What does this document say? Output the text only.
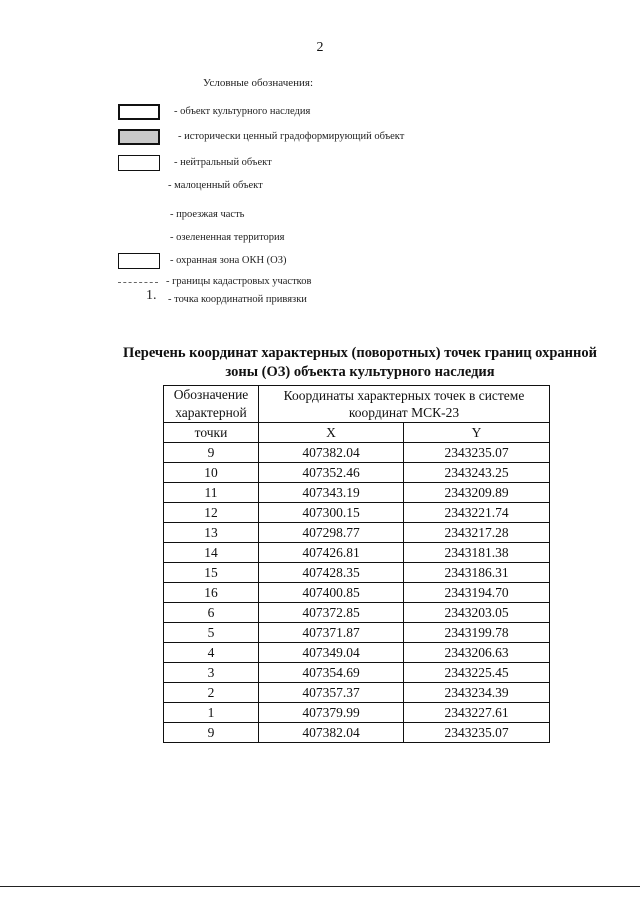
2
Условные обозначения:
- объект культурного наследия
- исторически ценный градоформирующий объект
- нейтральный объект
- малоценный объект
- проезжая часть
- озелененная территория
- охранная зона ОКН (ОЗ)
- границы кадастровых участков
1. - точка координатной привязки
Перечень координат характерных (поворотных) точек границ охранной
зоны (ОЗ) объекта культурного наследия
Обозначение
характерной	Координаты характерных точек в системе координат МСК-23	

точки	X	Y
9	407382.04	2343235.07
10	407352.46	2343243.25
11	407343.19	2343209.89
12	407300.15	2343221.74
13	407298.77	2343217.28
14	407426.81	2343181.38
15	407428.35	2343186.31
16	407400.85	2343194.70
6	407372.85	2343203.05
5	407371.87	2343199.78
4	407349.04	2343206.63
3	407354.69	2343225.45
2	407357.37	2343234.39
1	407379.99	2343227.61
9	407382.04	2343235.07
